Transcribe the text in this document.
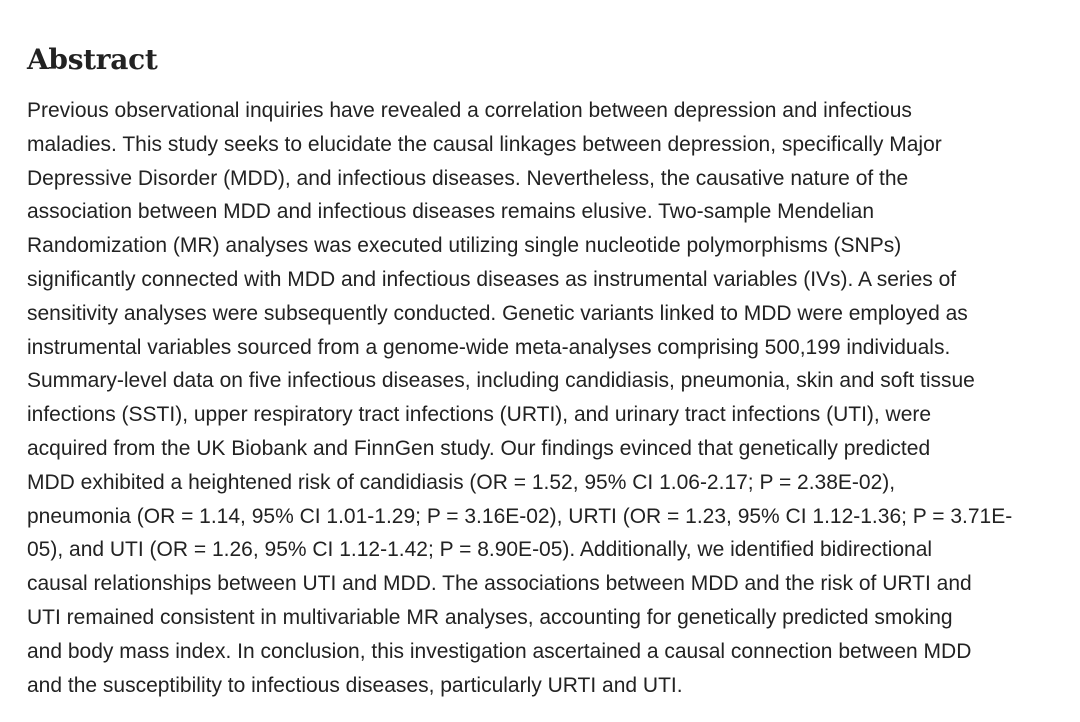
Abstract

Previous observational inquiries have revealed a correlation between depression and infectious
maladies. This study seeks to elucidate the causal linkages between depression, specifically Major
Depressive Disorder (MDD), and infectious diseases. Nevertheless, the causative nature of the
association between MDD and infectious diseases remains elusive. Two-sample Mendelian
Randomization (MR) analyses was executed utilizing single nucleotide polymorphisms (SNPs)
significantly connected with MDD and infectious diseases as instrumental variables (IVs). A series of
sensitivity analyses were subsequently conducted. Genetic variants linked to MDD were employed as
instrumental variables sourced from a genome-wide meta-analyses comprising 500,199 individuals.
Summary-level data on five infectious diseases, including candidiasis, pneumonia, skin and soft tissue
infections (SSTI), upper respiratory tract infections (URTI), and urinary tract infections (UTI), were
acquired from the UK Biobank and FinnGen study. Our findings evinced that genetically predicted
MDD exhibited a heightened risk of candidiasis (OR = 1.52, 95% CI 1.06-2.17; P = 2.38E-02),
pneumonia (OR = 1.14, 95% CI 1.01-1.29; P = 3.16E-02), URTI (OR = 1.23, 95% CI 1.12-1.36; P = 3.71E-
05), and UTI (OR = 1.26, 95% CI 1.12-1.42; P = 8.90E-05). Additionally, we identified bidirectional
causal relationships between UTI and MDD. The associations between MDD and the risk of URTI and
UTI remained consistent in multivariable MR analyses, accounting for genetically predicted smoking
and body mass index. In conclusion, this investigation ascertained a causal connection between MDD
and the susceptibility to infectious diseases, particularly URTI and UTI.
